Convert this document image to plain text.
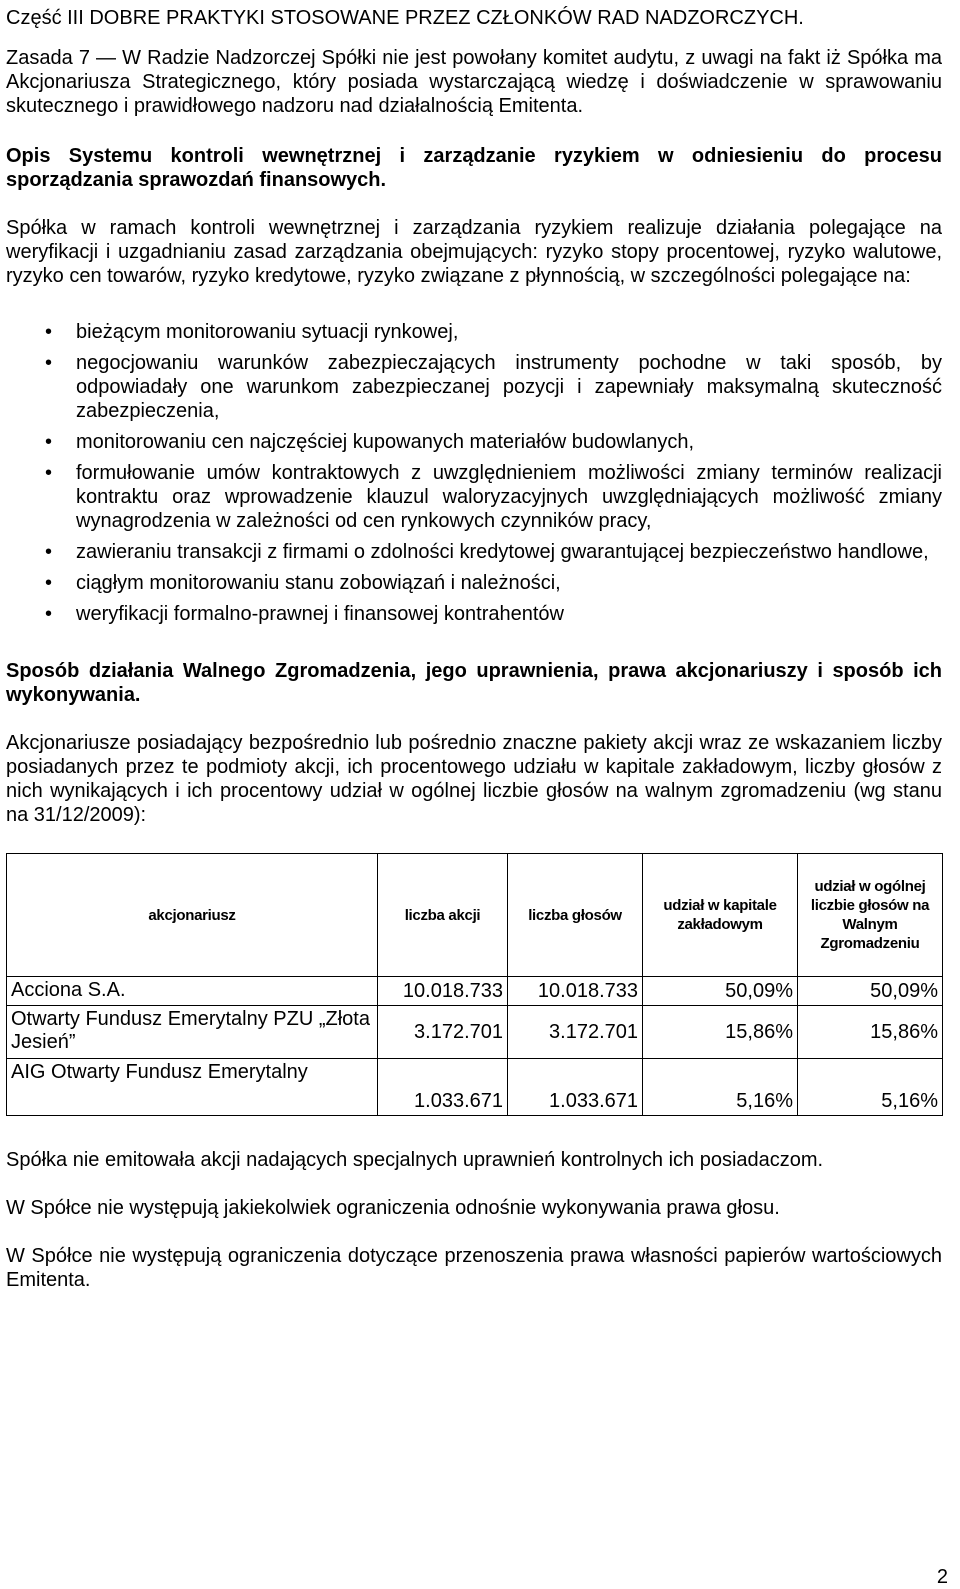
Część III DOBRE PRAKTYKI STOSOWANE PRZEZ CZŁONKÓW RAD NADZORCZYCH.

Zasada 7 — W Radzie Nadzorczej Spółki nie jest powołany komitet audytu, z uwagi na fakt iż Spółka ma Akcjonariusza Strategicznego, który posiada wystarczającą wiedzę i doświadczenie w sprawowaniu skutecznego i prawidłowego nadzoru nad działalnością Emitenta.

Opis Systemu kontroli wewnętrznej i zarządzanie ryzykiem w odniesieniu do procesu sporządzania sprawozdań finansowych.

Spółka w ramach kontroli wewnętrznej i zarządzania ryzykiem realizuje działania polegające na weryfikacji i uzgadnianiu zasad zarządzania obejmujących: ryzyko stopy procentowej, ryzyko walutowe, ryzyko cen towarów, ryzyko kredytowe, ryzyko związane z płynnością, w szczególności polegające na:

• bieżącym monitorowaniu sytuacji rynkowej,
• negocjowaniu warunków zabezpieczających instrumenty pochodne w taki sposób, by odpowiadały one warunkom zabezpieczanej pozycji i zapewniały maksymalną skuteczność zabezpieczenia,
• monitorowaniu cen najczęściej kupowanych materiałów budowlanych,
• formułowanie umów kontraktowych z uwzględnieniem możliwości zmiany terminów realizacji kontraktu oraz wprowadzenie klauzul waloryzacyjnych uwzględniających możliwość zmiany wynagrodzenia w zależności od cen rynkowych czynników pracy,
• zawieraniu transakcji z firmami o zdolności kredytowej gwarantującej bezpieczeństwo handlowe,
• ciągłym monitorowaniu stanu zobowiązań i należności,
• weryfikacji formalno-prawnej i finansowej kontrahentów

Sposób działania Walnego Zgromadzenia, jego uprawnienia, prawa akcjonariuszy i sposób ich wykonywania.

Akcjonariusze posiadający bezpośrednio lub pośrednio znaczne pakiety akcji wraz ze wskazaniem liczby posiadanych przez te podmioty akcji, ich procentowego udziału w kapitale zakładowym, liczby głosów z nich wynikających i ich procentowy udział w ogólnej liczbie głosów na walnym zgromadzeniu (wg stanu na 31/12/2009):

akcjonariusz	liczba akcji	liczba głosów	udział w kapitale zakładowym	udział w ogólnej liczbie głosów na Walnym Zgromadzeniu
Acciona S.A.	10.018.733	10.018.733	50,09%	50,09%
Otwarty Fundusz Emerytalny PZU „Złota Jesień”	3.172.701	3.172.701	15,86%	15,86%
AIG Otwarty Fundusz Emerytalny	1.033.671	1.033.671	5,16%	5,16%

Spółka nie emitowała akcji nadających specjalnych uprawnień kontrolnych ich posiadaczom.

W Spółce nie występują jakiekolwiek ograniczenia odnośnie wykonywania prawa głosu.

W Spółce nie występują ograniczenia dotyczące przenoszenia prawa własności papierów wartościowych Emitenta.

2
